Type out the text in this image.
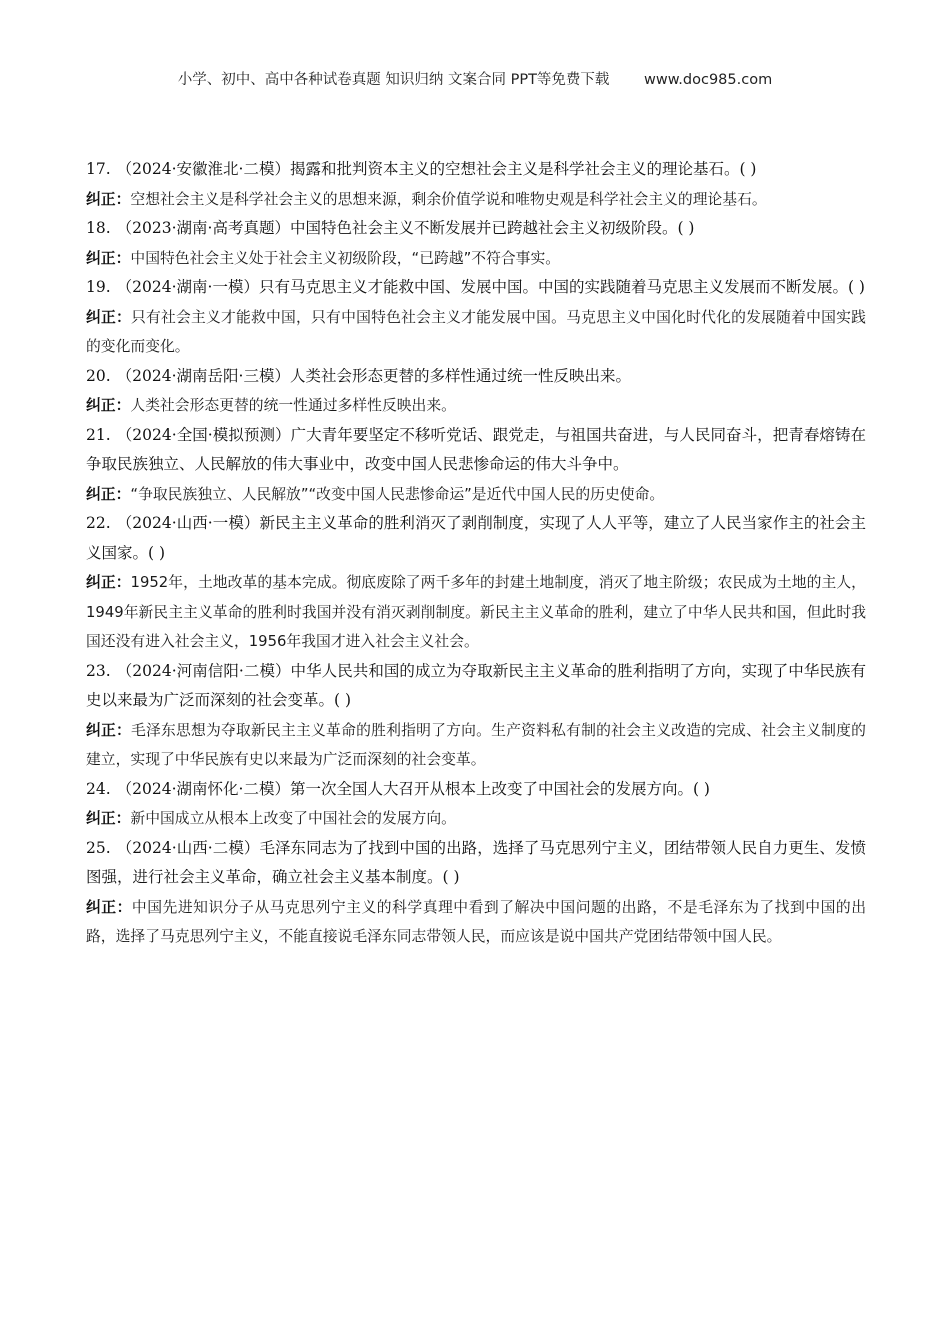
小学、初中、高中各种试卷真题 知识归纳 文案合同 PPT等免费下载 www.doc985.com

17. （2024·安徽淮北·二模）揭露和批判资本主义的空想社会主义是科学社会主义的理论基石。( )

纠正：空想社会主义是科学社会主义的思想来源，剩余价值学说和唯物史观是科学社会主义的理论基石。

18. （2023·湖南·高考真题）中国特色社会主义不断发展并已跨越社会主义初级阶段。( )

纠正：中国特色社会主义处于社会主义初级阶段，“已跨越”不符合事实。

19. （2024·湖南·一模）只有马克思主义才能救中国、发展中国。中国的实践随着马克思主义发展而不断发展。( )

纠正：只有社会主义才能救中国，只有中国特色社会主义才能发展中国。马克思主义中国化时代化的发展随着中国实践的变化而变化。

20. （2024·湖南岳阳·三模）人类社会形态更替的多样性通过统一性反映出来。

纠正：人类社会形态更替的统一性通过多样性反映出来。

21. （2024·全国·模拟预测）广大青年要坚定不移听党话、跟党走，与祖国共奋进，与人民同奋斗，把青春熔铸在争取民族独立、人民解放的伟大事业中，改变中国人民悲惨命运的伟大斗争中。

纠正：“争取民族独立、人民解放”“改变中国人民悲惨命运”是近代中国人民的历史使命。

22. （2024·山西·一模）新民主主义革命的胜利消灭了剥削制度，实现了人人平等，建立了人民当家作主的社会主义国家。( )

纠正：1952年，土地改革的基本完成。彻底废除了两千多年的封建土地制度，消灭了地主阶级；农民成为土地的主人，1949年新民主主义革命的胜利时我国并没有消灭剥削制度。新民主主义革命的胜利，建立了中华人民共和国，但此时我国还没有进入社会主义，1956年我国才进入社会主义社会。

23. （2024·河南信阳·二模）中华人民共和国的成立为夺取新民主主义革命的胜利指明了方向，实现了中华民族有史以来最为广泛而深刻的社会变革。( )

纠正：毛泽东思想为夺取新民主主义革命的胜利指明了方向。生产资料私有制的社会主义改造的完成、社会主义制度的建立，实现了中华民族有史以来最为广泛而深刻的社会变革。

24. （2024·湖南怀化·二模）第一次全国人大召开从根本上改变了中国社会的发展方向。( )

纠正：新中国成立从根本上改变了中国社会的发展方向。

25. （2024·山西·二模）毛泽东同志为了找到中国的出路，选择了马克思列宁主义，团结带领人民自力更生、发愤图强，进行社会主义革命，确立社会主义基本制度。( )

纠正：中国先进知识分子从马克思列宁主义的科学真理中看到了解决中国问题的出路，不是毛泽东为了找到中国的出路，选择了马克思列宁主义，不能直接说毛泽东同志带领人民，而应该是说中国共产党团结带领中国人民。
